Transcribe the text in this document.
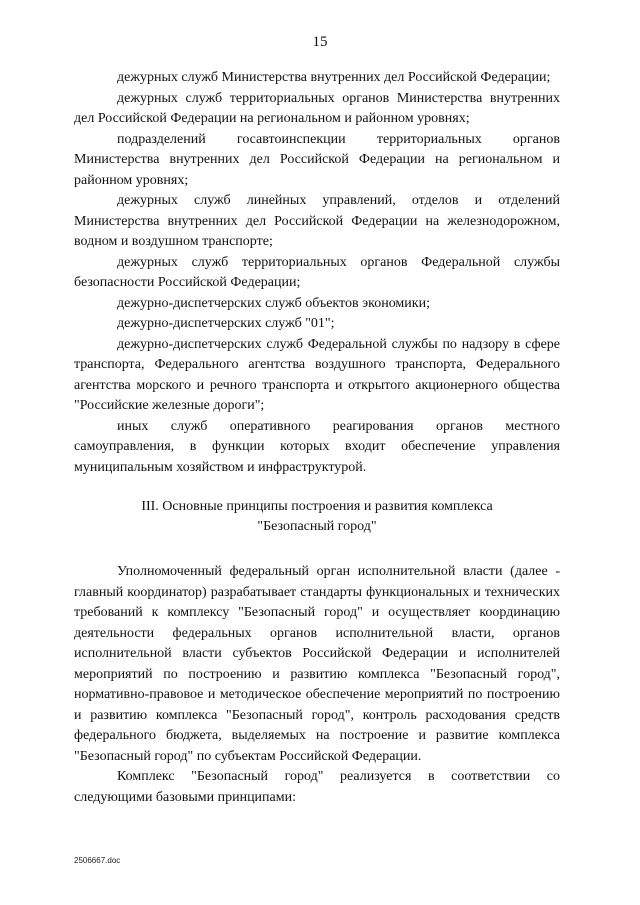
15

дежурных служб Министерства внутренних дел Российской Федерации;

дежурных служб территориальных органов Министерства внутренних дел Российской Федерации на региональном и районном уровнях;

подразделений госавтоинспекции территориальных органов Министерства внутренних дел Российской Федерации на региональном и районном уровнях;

дежурных служб линейных управлений, отделов и отделений Министерства внутренних дел Российской Федерации на железнодорожном, водном и воздушном транспорте;

дежурных служб территориальных органов Федеральной службы безопасности Российской Федерации;

дежурно-диспетчерских служб объектов экономики;

дежурно-диспетчерских служб "01";

дежурно-диспетчерских служб Федеральной службы по надзору в сфере транспорта, Федерального агентства воздушного транспорта, Федерального агентства морского и речного транспорта и открытого акционерного общества "Российские железные дороги";

иных служб оперативного реагирования органов местного самоуправления, в функции которых входит обеспечение управления муниципальным хозяйством и инфраструктурой.

III. Основные принципы построения и развития комплекса
"Безопасный город"

Уполномоченный федеральный орган исполнительной власти (далее - главный координатор) разрабатывает стандарты функциональных и технических требований к комплексу "Безопасный город" и осуществляет координацию деятельности федеральных органов исполнительной власти, органов исполнительной власти субъектов Российской Федерации и исполнителей мероприятий по построению и развитию комплекса "Безопасный город", нормативно-правовое и методическое обеспечение мероприятий по построению и развитию комплекса "Безопасный город", контроль расходования средств федерального бюджета, выделяемых на построение и развитие комплекса "Безопасный город" по субъектам Российской Федерации.

Комплекс "Безопасный город" реализуется в соответствии со следующими базовыми принципами:

2506667.doc
